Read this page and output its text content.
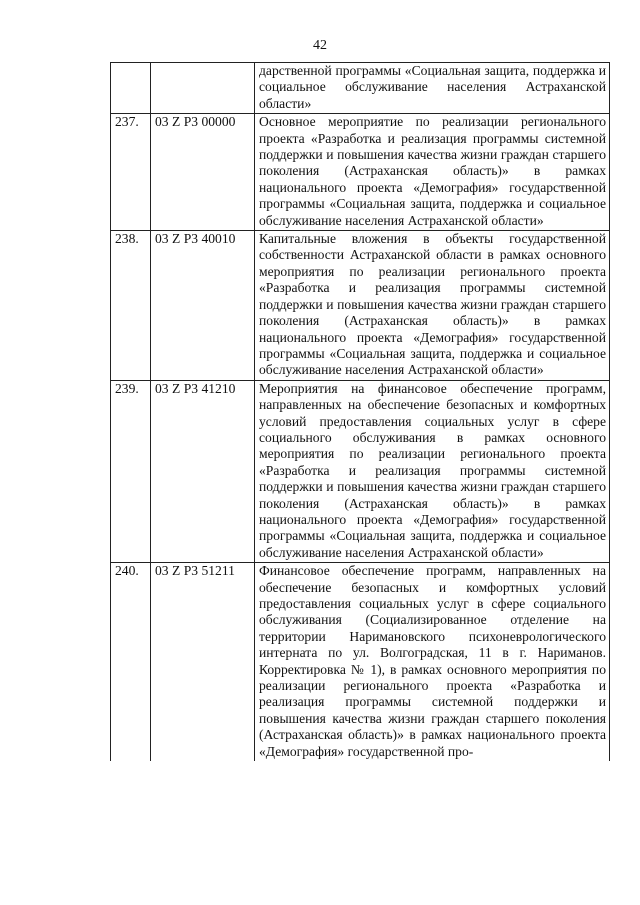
42
		дарственной программы «Социальная защита, поддержка и социальное обслуживание населения Астраханской области»
237.	03 Z P3 00000	Основное мероприятие по реализации регионального проекта «Разработка и реализация программы системной поддержки и повышения качества жизни граждан старшего поколения (Астраханская область)» в рамках национального проекта «Демография» государственной программы «Социальная защита, поддержка и социальное обслуживание населения Астраханской области»
238.	03 Z P3 40010	Капитальные вложения в объекты государственной собственности Астраханской области в рамках основного мероприятия по реализации регионального проекта «Разработка и реализация программы системной поддержки и повышения качества жизни граждан старшего поколения (Астраханская область)» в рамках национального проекта «Демография» государственной программы «Социальная защита, поддержка и социальное обслуживание населения Астраханской области»
239.	03 Z P3 41210	Мероприятия на финансовое обеспечение программ, направленных на обеспечение безопасных и комфортных условий предоставления социальных услуг в сфере социального обслуживания в рамках основного мероприятия по реализации регионального проекта «Разработка и реализация программы системной поддержки и повышения качества жизни граждан старшего поколения (Астраханская область)» в рамках национального проекта «Демография» государственной программы «Социальная защита, поддержка и социальное обслуживание населения Астраханской области»
240.	03 Z P3 51211	Финансовое обеспечение программ, направленных на обеспечение безопасных и комфортных условий предоставления социальных услуг в сфере социального обслуживания (Социализированное отделение на территории Наримановского психоневрологического интерната по ул. Волгоградская, 11 в г. Нариманов. Корректировка № 1), в рамках основного мероприятия по реализации регионального проекта «Разработка и реализация программы системной поддержки и повышения качества жизни граждан старшего поколения (Астраханская область)» в рамках национального проекта «Демография» государственной про-
